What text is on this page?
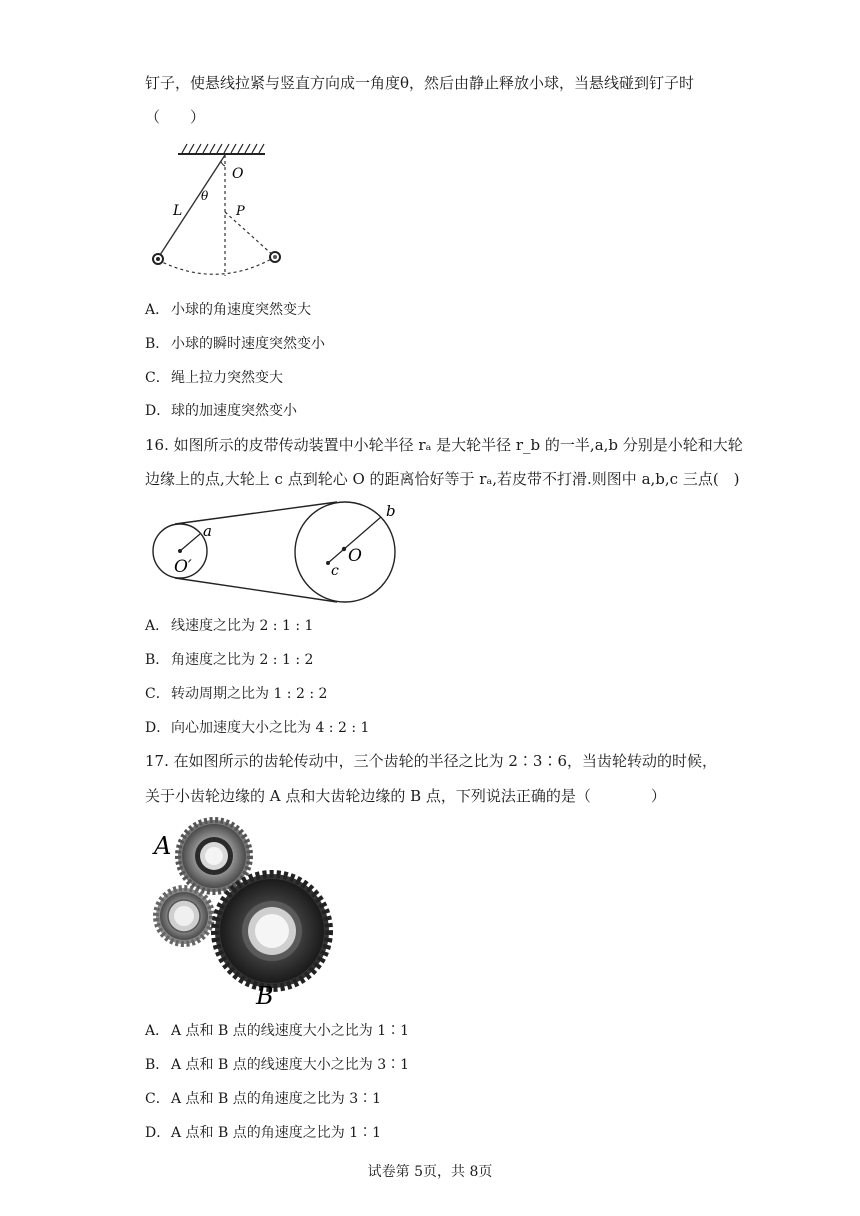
钉子，使悬线拉紧与竖直方向成一角度θ，然后由静止释放小球，当悬线碰到钉子时
（　　）
O
L
θ
P
A． 小球的角速度突然变大
B． 小球的瞬时速度突然变小
C．绳上拉力突然变大
D．球的加速度突然变小
16. 如图所示的皮带传动装置中小轮半径 rₐ 是大轮半径 r_b 的一半,a,b 分别是小轮和大轮
边缘上的点,大轮上 c 点到轮心 O 的距离恰好等于 rₐ,若皮带不打滑.则图中 a,b,c 三点(　)
a
b
O
O′	c
A． 线速度之比为 2 : 1 : 1
B． 角速度之比为 2 : 1 : 2
C．转动周期之比为 1 : 2 : 2
D．向心加速度大小之比为 4 : 2 : 1
17. 在如图所示的齿轮传动中，三个齿轮的半径之比为 2∶3∶6，当齿轮转动的时候，
关于小齿轮边缘的 A 点和大齿轮边缘的 B 点，下列说法正确的是（　　　　）
A
B
A． A 点和 B 点的线速度大小之比为 1∶1
B． A 点和 B 点的线速度大小之比为 3∶1
C．A 点和 B 点的角速度之比为 3∶1
D．A 点和 B 点的角速度之比为 1∶1
试卷第 5页，共 8页
